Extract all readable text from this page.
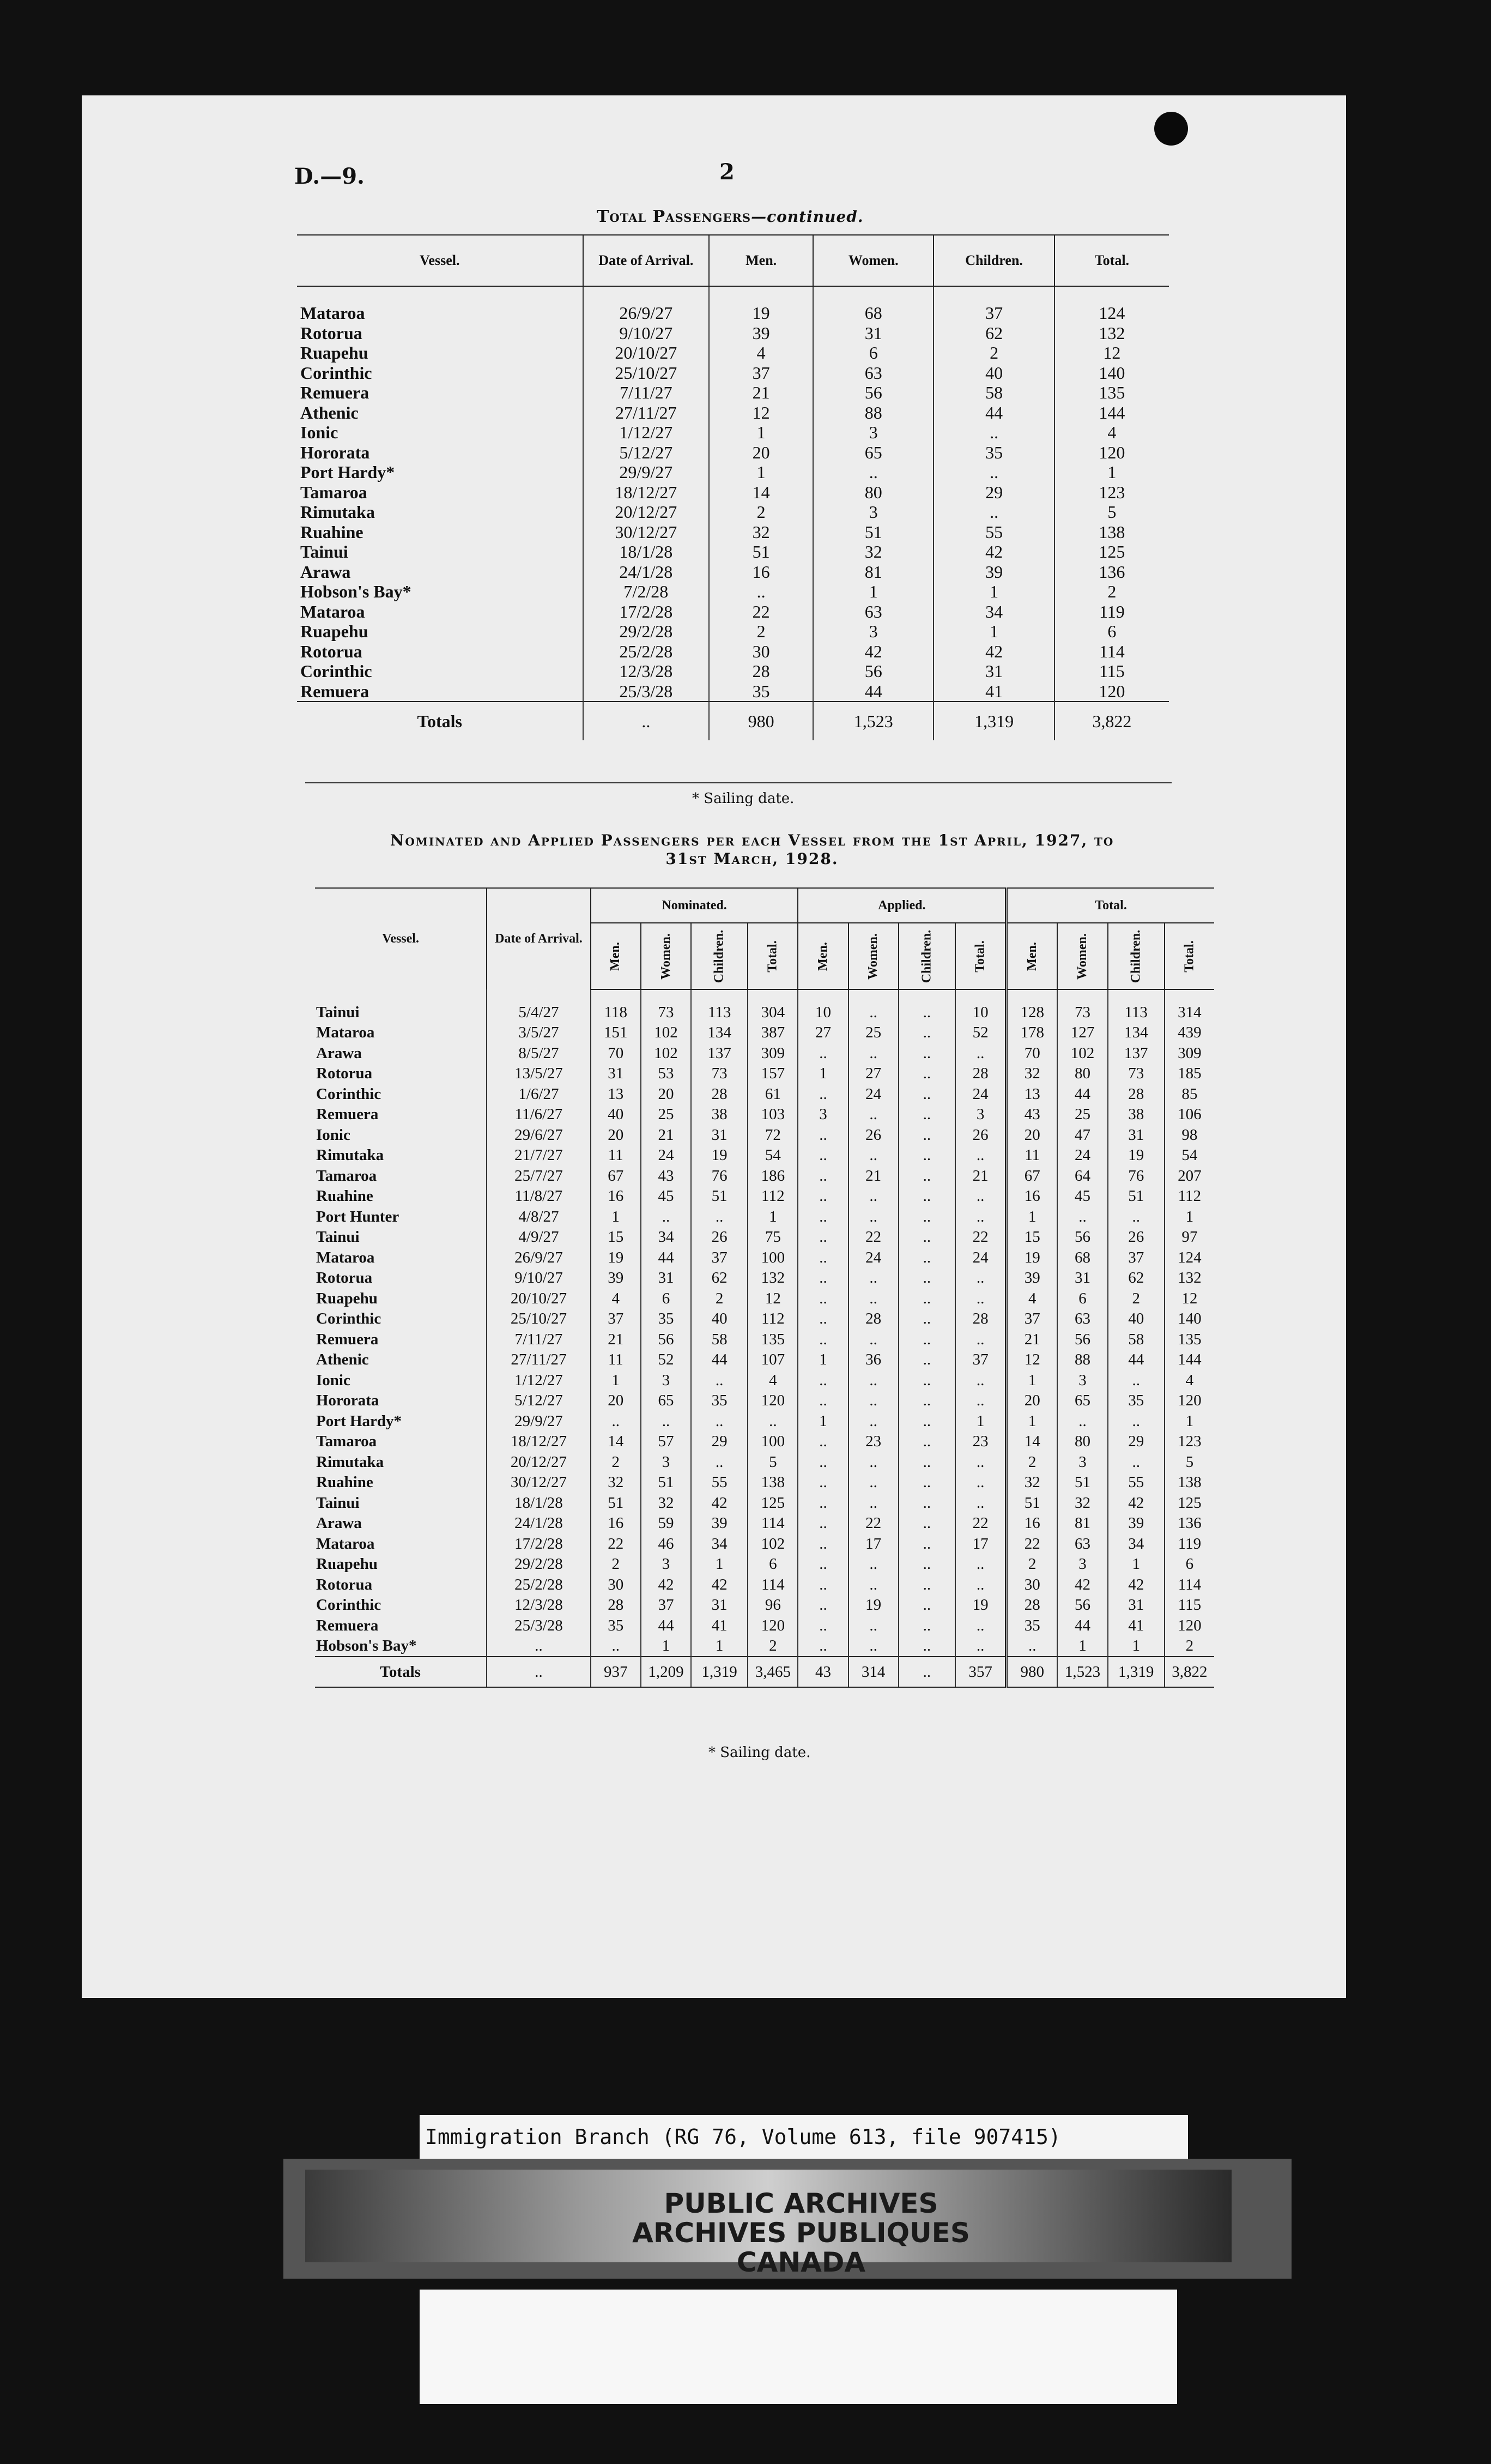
D.—9.	2
Total Passengers—continued.
Vessel.	Date of Arrival.	Men.	Women.	Children.	Total.

Mataroa	26/9/27	19	68	37	124
Rotorua	9/10/27	39	31	62	132
Ruapehu	20/10/27	4	6	2	12
Corinthic	25/10/27	37	63	40	140
Remuera	7/11/27	21	56	58	135
Athenic	27/11/27	12	88	44	144
Ionic	1/12/27	1	3	..	4
Hororata	5/12/27	20	65	35	120
Port Hardy*	29/9/27	1	..	..	1
Tamaroa	18/12/27	14	80	29	123
Rimutaka	20/12/27	2	3	..	5
Ruahine	30/12/27	32	51	55	138
Tainui	18/1/28	51	32	42	125
Arawa	24/1/28	16	81	39	136
Hobson's Bay*	7/2/28	..	1	1	2
Mataroa	17/2/28	22	63	34	119
Ruapehu	29/2/28	2	3	1	6
Rotorua	25/2/28	30	42	42	114
Corinthic	12/3/28	28	56	31	115
Remuera	25/3/28	35	44	41	120
Totals	..	980	1,523	1,319	3,822
* Sailing date.
Nominated and Applied Passengers per each Vessel from the 1st April, 1927, to
31st March, 1928.
Vessel.	Date of Arrival.	Nominated.				Applied.				Total.			
		Men.	Women.	Children.	Total.	Men.	Women.	Children.	Total.	Men.	Women.	Children.	Total.

Tainui	5/4/27	118	73	113	304	10	..	..	10	128	73	113	314
Mataroa	3/5/27	151	102	134	387	27	25	..	52	178	127	134	439
Arawa	8/5/27	70	102	137	309	..	..	..	..	70	102	137	309
Rotorua	13/5/27	31	53	73	157	1	27	..	28	32	80	73	185
Corinthic	1/6/27	13	20	28	61	..	24	..	24	13	44	28	85
Remuera	11/6/27	40	25	38	103	3	..	..	3	43	25	38	106
Ionic	29/6/27	20	21	31	72	..	26	..	26	20	47	31	98
Rimutaka	21/7/27	11	24	19	54	..	..	..	..	11	24	19	54
Tamaroa	25/7/27	67	43	76	186	..	21	..	21	67	64	76	207
Ruahine	11/8/27	16	45	51	112	..	..	..	..	16	45	51	112
Port Hunter	4/8/27	1	..	..	1	..	..	..	..	1	..	..	1
Tainui	4/9/27	15	34	26	75	..	22	..	22	15	56	26	97
Mataroa	26/9/27	19	44	37	100	..	24	..	24	19	68	37	124
Rotorua	9/10/27	39	31	62	132	..	..	..	..	39	31	62	132
Ruapehu	20/10/27	4	6	2	12	..	..	..	..	4	6	2	12
Corinthic	25/10/27	37	35	40	112	..	28	..	28	37	63	40	140
Remuera	7/11/27	21	56	58	135	..	..	..	..	21	56	58	135
Athenic	27/11/27	11	52	44	107	1	36	..	37	12	88	44	144
Ionic	1/12/27	1	3	..	4	..	..	..	..	1	3	..	4
Hororata	5/12/27	20	65	35	120	..	..	..	..	20	65	35	120
Port Hardy*	29/9/27	..	..	..	..	1	..	..	1	1	..	..	1
Tamaroa	18/12/27	14	57	29	100	..	23	..	23	14	80	29	123
Rimutaka	20/12/27	2	3	..	5	..	..	..	..	2	3	..	5
Ruahine	30/12/27	32	51	55	138	..	..	..	..	32	51	55	138
Tainui	18/1/28	51	32	42	125	..	..	..	..	51	32	42	125
Arawa	24/1/28	16	59	39	114	..	22	..	22	16	81	39	136
Mataroa	17/2/28	22	46	34	102	..	17	..	17	22	63	34	119
Ruapehu	29/2/28	2	3	1	6	..	..	..	..	2	3	1	6
Rotorua	25/2/28	30	42	42	114	..	..	..	..	30	42	42	114
Corinthic	12/3/28	28	37	31	96	..	19	..	19	28	56	31	115
Remuera	25/3/28	35	44	41	120	..	..	..	..	35	44	41	120
Hobson's Bay*	..	..	1	1	2	..	..	..	..	..	1	1	2
Totals	..	937	1,209	1,319	3,465	43	314	..	357	980	1,523	1,319	3,822
* Sailing date.
Immigration Branch (RG 76, Volume 613, file 907415)
PUBLIC ARCHIVES
ARCHIVES PUBLIQUES
CANADA
